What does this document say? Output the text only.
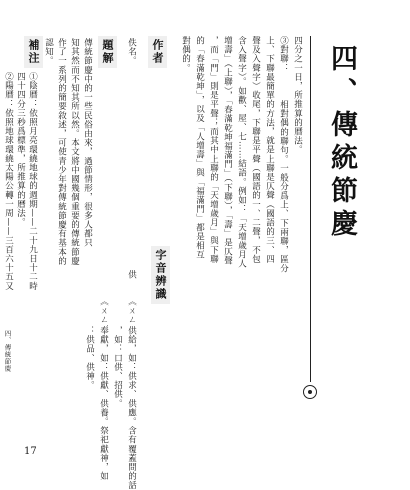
四、傳統節慶
四分之一日，所推算的曆法。
③對聯：
相對偶的聯句。一般分爲上、下兩聯，區分
上、下聯最簡單的方法，就是上聯是仄聲（國語的三、四
聲及入聲字）收尾，下聯是平聲（國語的一、二聲，不包
含入聲字）。如歡、屋、七……結語。例如：「天增歲月人
增壽」（上聯），「春滿乾坤福滿門」（下聯），「壽」是仄聲
，而「門」則是平聲；而其中上聯的「天增歲月」與下聯
的「春滿乾坤」，以及「人增壽」與「福滿門」都是相互
對偶的。
字音辨識
供
《ㄨㄥ
供給，如：供求、供應。含有覆蓋問的話
，如：口供、招供。
《ㄨㄥˋ
奉獻，如：供獻、供養。祭祀獻神，如
：供品、供神。
作者
佚名。
題解
傳統節慶中的一些民俗由來，過節情形，很多人都只
知其然而不知其所以然。本文將中國幾個重要的傳統節慶
作了一系列的簡要敘述，可使青少年對傳統節慶有基本的
認知。
補注
四、傳統節慶
17
①陰曆：依照月亮環繞地球的週期——二十九日十二時
四十四分三秒爲標準，所推算的曆法。
②陽曆：依照地球環繞太陽公轉一周——三百六十五又
